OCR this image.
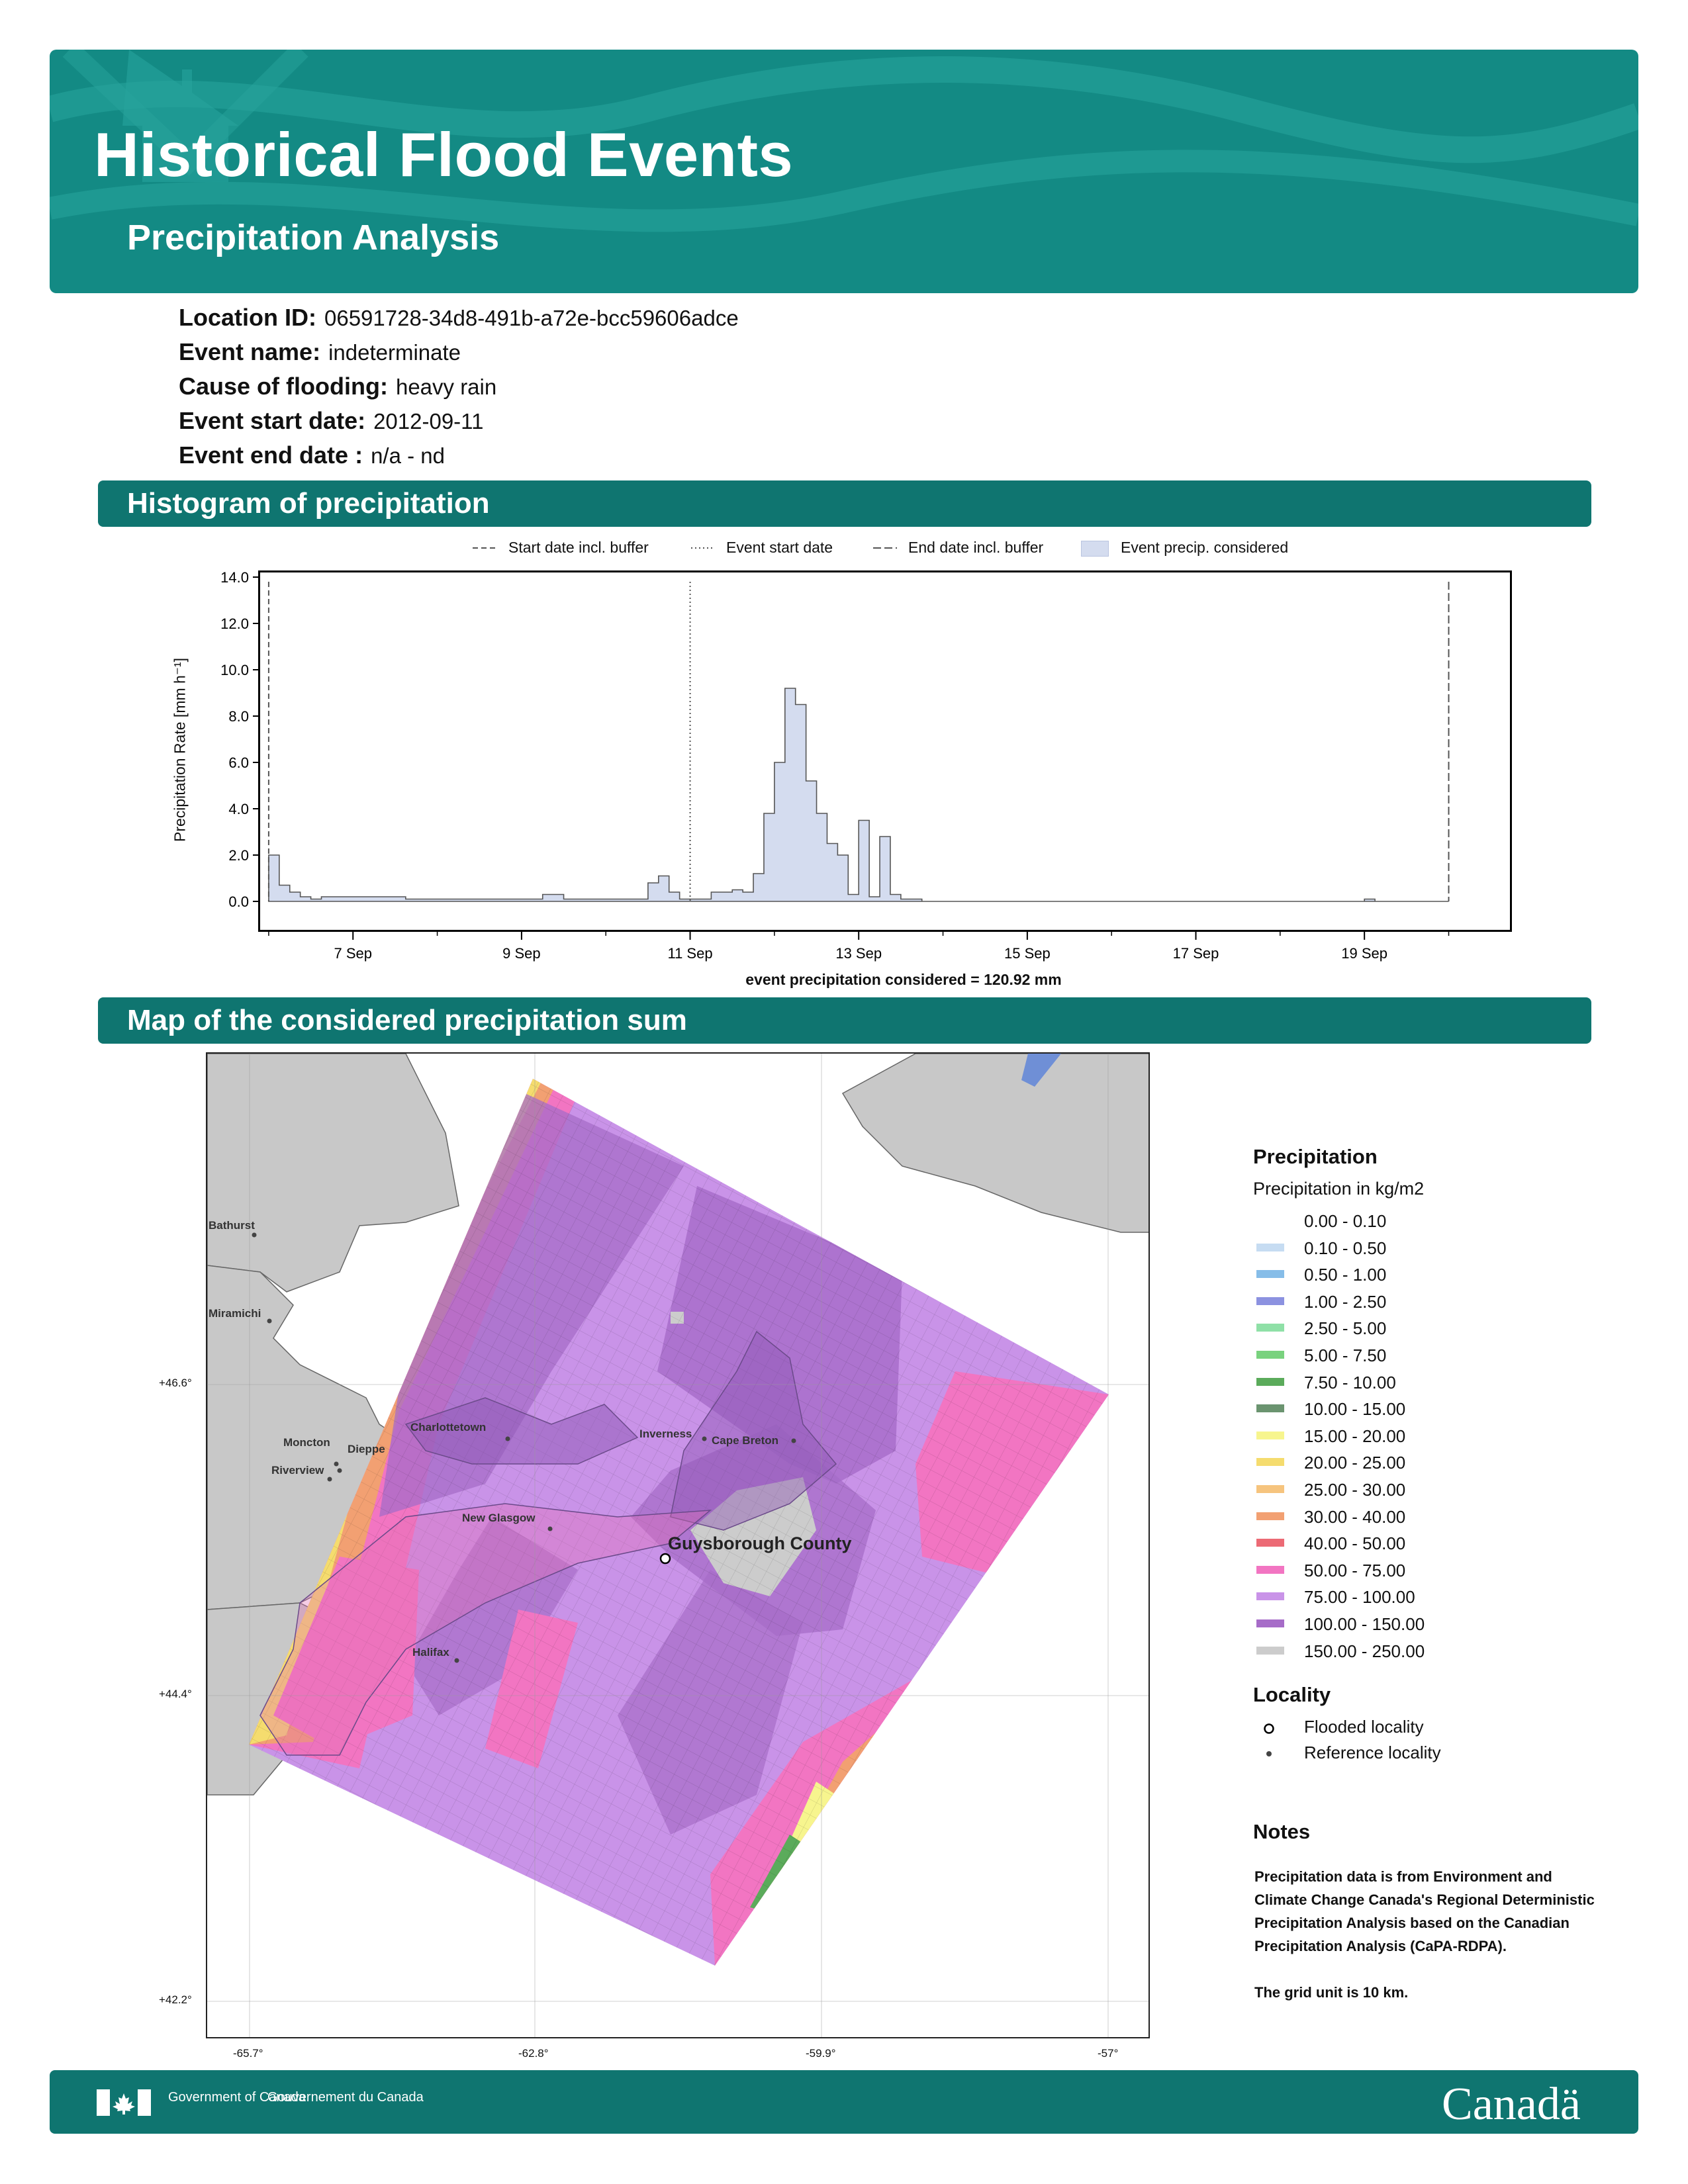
Historical Flood Events
Precipitation Analysis
Location ID: 06591728-34d8-491b-a72e-bcc59606adce
Event name: indeterminate
Cause of flooding: heavy rain
Event start date: 2012-09-11
Event end date : n/a - nd
Histogram of precipitation
Start date incl. buffer	Event start date	End date incl. buffer	Event precip. considered
Precipitation Rate [mm h⁻¹]
0.0
2.0
4.0
6.0
8.0
10.0
12.0
14.0
7 Sep	9 Sep	11 Sep	13 Sep	15 Sep	17 Sep	19 Sep
event precipitation considered = 120.92 mm
Map of the considered precipitation sum
Bathurst
Miramichi
Charlottetown
Moncton
Dieppe
Riverview
Inverness
Cape Breton
New Glasgow
Halifax
Guysborough County
+46.6°
+44.4°
+42.2°
-65.7°	-62.8°	-59.9°	-57°
Precipitation
Precipitation in kg/m2
0.00 - 0.10
0.10 - 0.50
0.50 - 1.00
1.00 - 2.50
2.50 - 5.00
5.00 - 7.50
7.50 - 10.00
10.00 - 15.00
15.00 - 20.00
20.00 - 25.00
25.00 - 30.00
30.00 - 40.00
40.00 - 50.00
50.00 - 75.00
75.00 - 100.00
100.00 - 150.00
150.00 - 250.00
Locality
Flooded locality
Reference locality
Notes
Precipitation data is from Environment and Climate Change Canada's Regional Deterministic Precipitation Analysis based on the Canadian Precipitation Analysis (CaPA-RDPA).
The grid unit is 10 km.
Government of Canada
Gouvernement du Canada	Canadä
